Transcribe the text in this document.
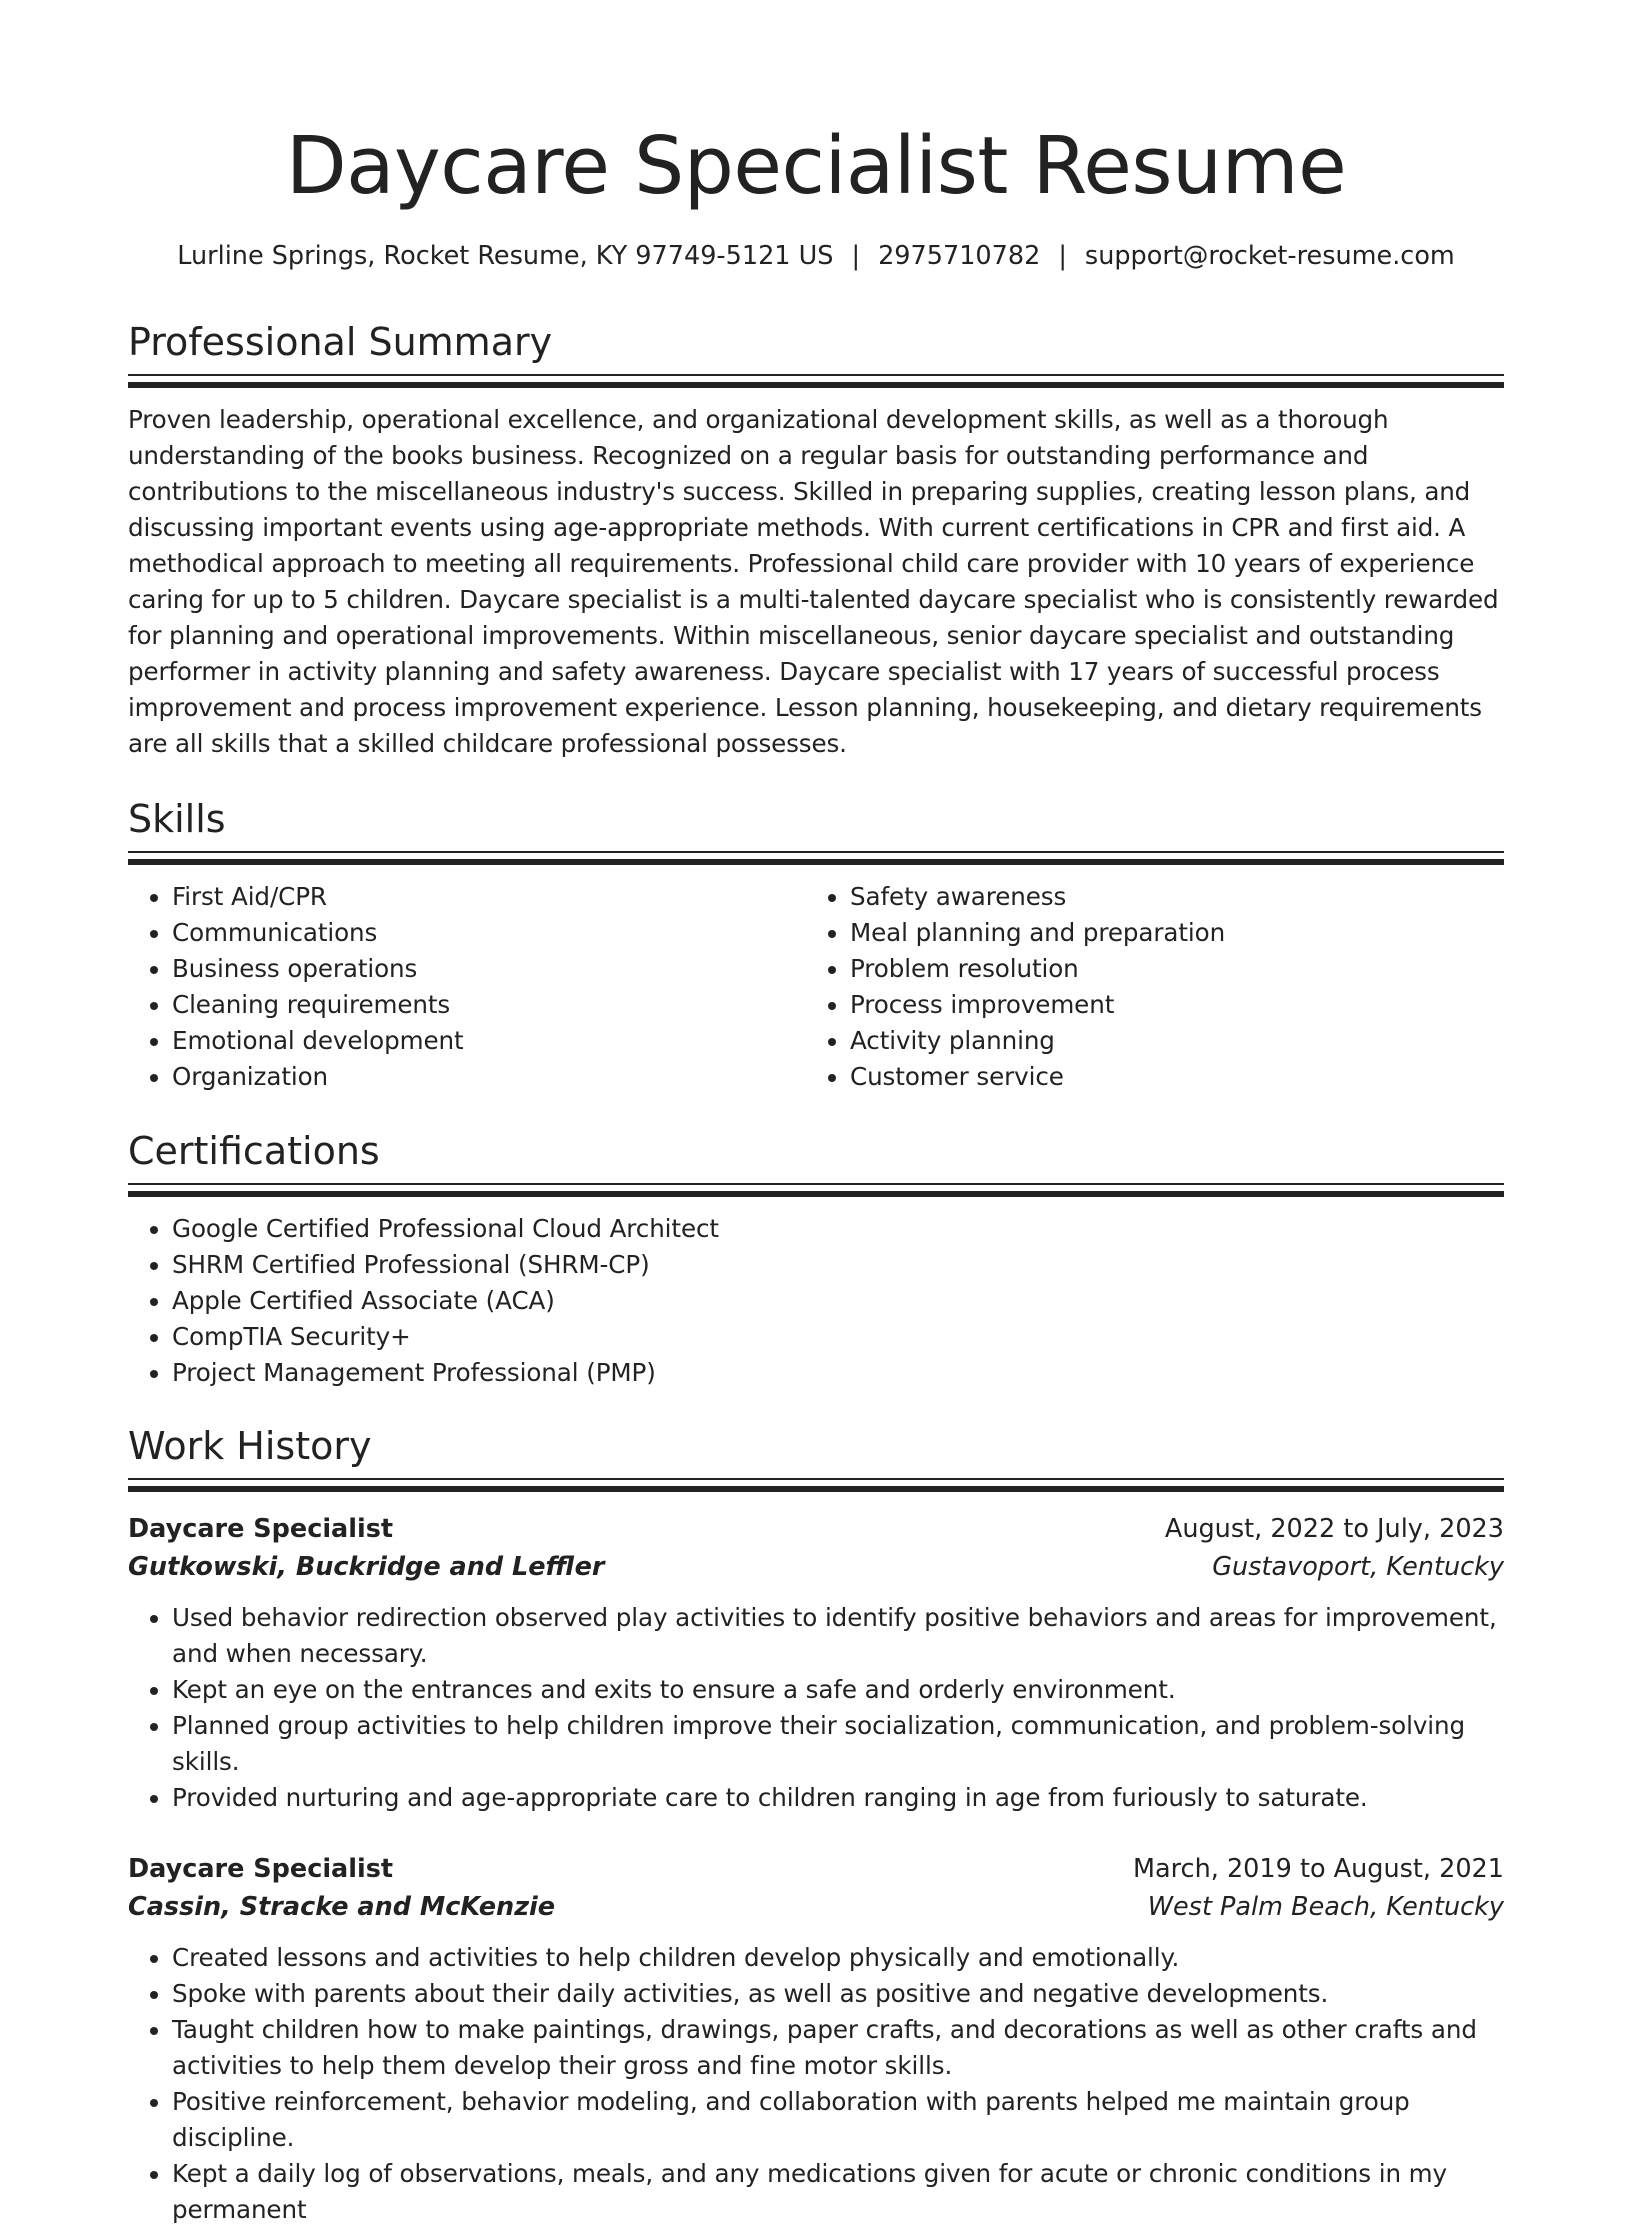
Daycare Specialist Resume
Lurline Springs, Rocket Resume, KY 97749-5121 US | 2975710782 | support@rocket-resume.com
Professional Summary
Proven leadership, operational excellence, and organizational development skills, as well as a thorough understanding of the books business. Recognized on a regular basis for outstanding performance and contributions to the miscellaneous industry's success. Skilled in preparing supplies, creating lesson plans, and discussing important events using age-appropriate methods. With current certifications in CPR and first aid. A methodical approach to meeting all requirements. Professional child care provider with 10 years of experience caring for up to 5 children. Daycare specialist is a multi-talented daycare specialist who is consistently rewarded for planning and operational improvements. Within miscellaneous, senior daycare specialist and outstanding performer in activity planning and safety awareness. Daycare specialist with 17 years of successful process improvement and process improvement experience. Lesson planning, housekeeping, and dietary requirements are all skills that a skilled childcare professional possesses.
Skills
• First Aid/CPR
• Communications
• Business operations
• Cleaning requirements
• Emotional development
• Organization
• Safety awareness
• Meal planning and preparation
• Problem resolution
• Process improvement
• Activity planning
• Customer service
Certifications
• Google Certified Professional Cloud Architect
• SHRM Certified Professional (SHRM-CP)
• Apple Certified Associate (ACA)
• CompTIA Security+
• Project Management Professional (PMP)
Work History
Daycare Specialist	August, 2022 to July, 2023
Gutkowski, Buckridge and Leffler	Gustavoport, Kentucky
• Used behavior redirection observed play activities to identify positive behaviors and areas for improvement, and when necessary.
• Kept an eye on the entrances and exits to ensure a safe and orderly environment.
• Planned group activities to help children improve their socialization, communication, and problem-solving skills.
• Provided nurturing and age-appropriate care to children ranging in age from furiously to saturate.
Daycare Specialist	March, 2019 to August, 2021
Cassin, Stracke and McKenzie	West Palm Beach, Kentucky
• Created lessons and activities to help children develop physically and emotionally.
• Spoke with parents about their daily activities, as well as positive and negative developments.
• Taught children how to make paintings, drawings, paper crafts, and decorations as well as other crafts and activities to help them develop their gross and fine motor skills.
• Positive reinforcement, behavior modeling, and collaboration with parents helped me maintain group discipline.
• Kept a daily log of observations, meals, and any medications given for acute or chronic conditions in my permanent
